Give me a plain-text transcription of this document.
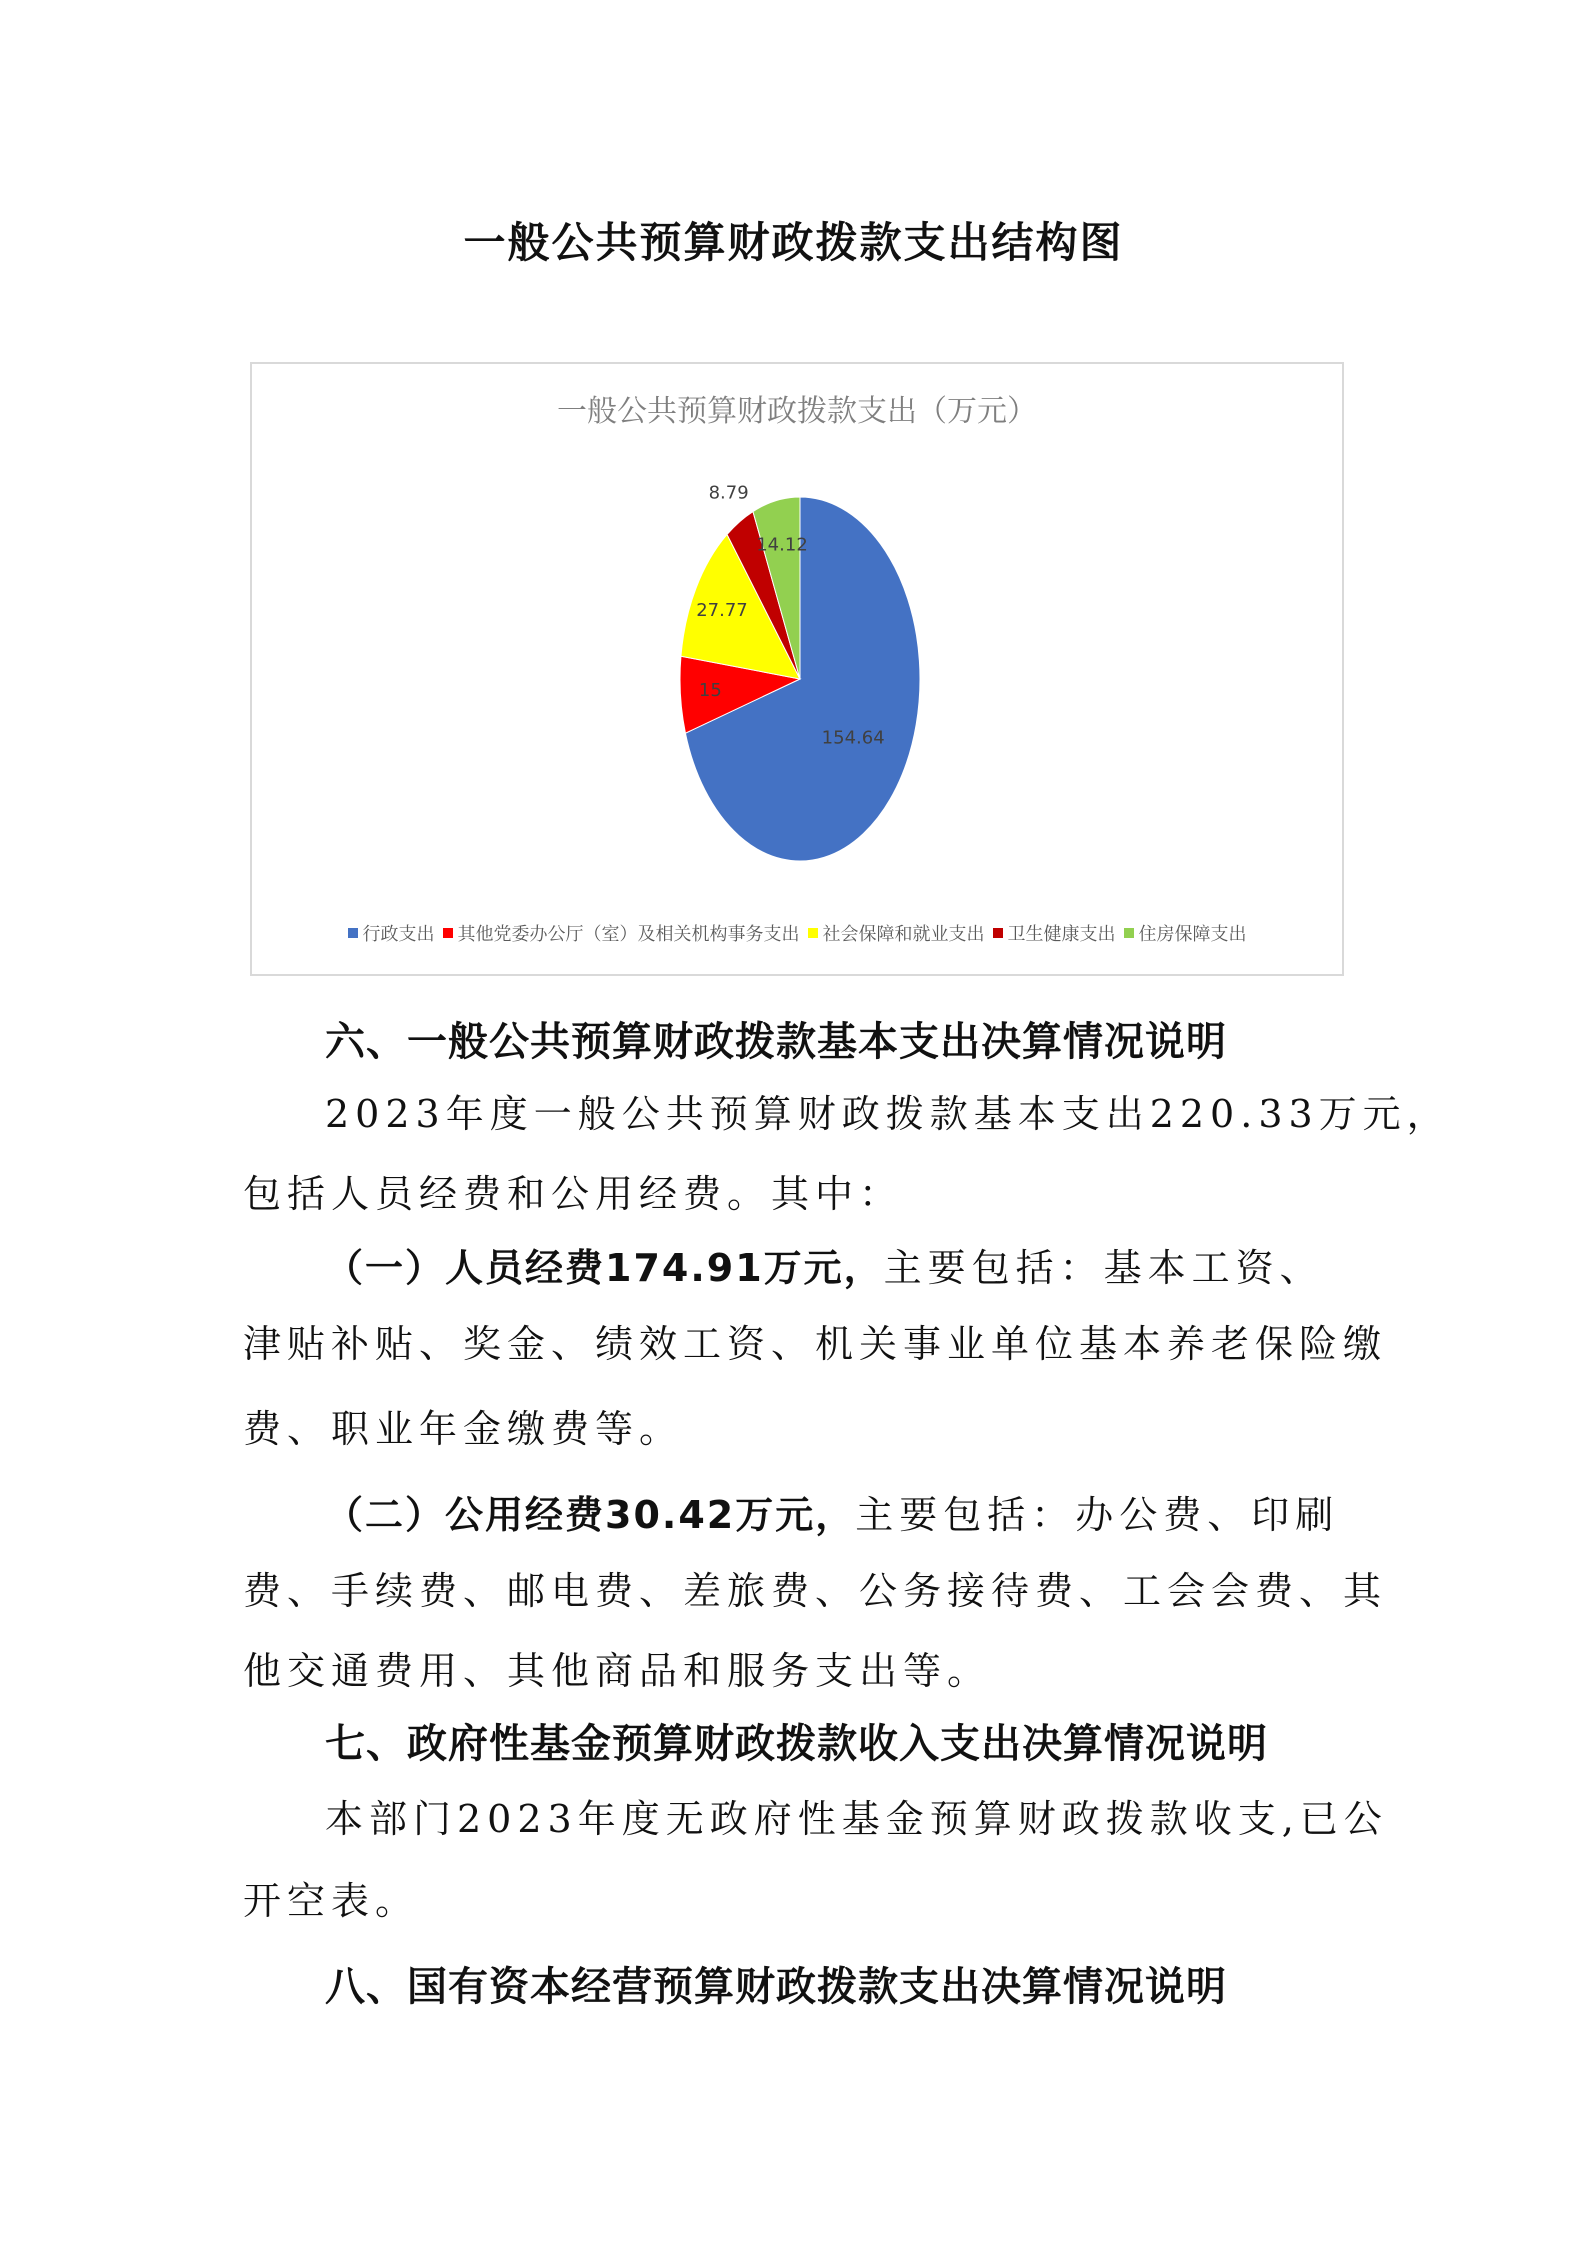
一般公共预算财政拨款支出结构图
一般公共预算财政拨款支出（万元）
154.64
15
27.77
8.79
14.12
行政支出 其他党委办公厅（室）及相关机构事务支出 社会保障和就业支出 卫生健康支出 住房保障支出
六、一般公共预算财政拨款基本支出决算情况说明
2023年度一般公共预算财政拨款基本支出220.33万元，
包括人员经费和公用经费。其中：
（一）人员经费174.91万元，主要包括：基本工资、
津贴补贴、奖金、绩效工资、机关事业单位基本养老保险缴
费、职业年金缴费等。
（二）公用经费30.42万元，主要包括：办公费、印刷
费、手续费、邮电费、差旅费、公务接待费、工会会费、其
他交通费用、其他商品和服务支出等。
七、政府性基金预算财政拨款收入支出决算情况说明
本部门2023年度无政府性基金预算财政拨款收支,已公
开空表。
八、国有资本经营预算财政拨款支出决算情况说明
